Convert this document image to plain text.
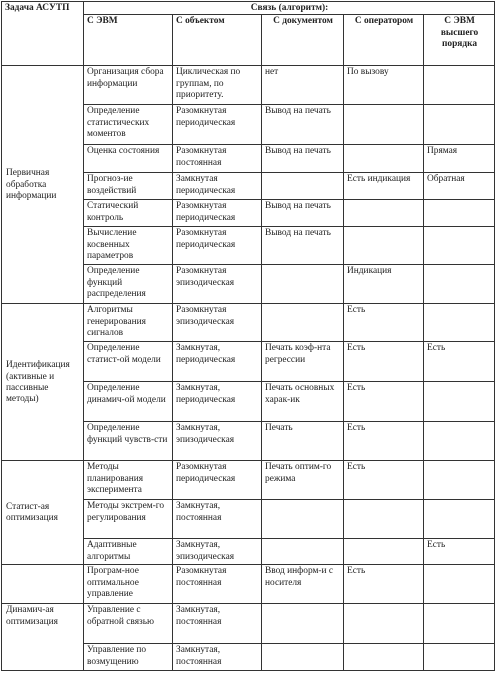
Задача АСУТП	Связь (алгоритм):				
	С ЭВМ	С объектом	С документом	С оператором	С ЭВМ высшего порядка
Первичная обработка информации	Организация сбора информации	Циклическая по группам, по приоритету.	нет	По вызову	
	Определение статистических моментов	Разомкнутая периодическая	Вывод на печать		
	Оценка состояния	Разомкнутая постоянная	Вывод на печать		Прямая
	Прогноз-ие воздействий	Замкнутая периодическая		Есть индикация	Обратная
	Статический контроль	Разомкнутая периодическая	Вывод на печать		
	Вычисление косвенных параметров	Разомкнутая периодическая	Вывод на печать		
	Определение функций распределения	Разомкнутая эпизодическая		Индикация	
Идентификация (активные и пассивные методы)	Алгоритмы генерирования сигналов	Разомкнутая эпизодическая		Есть	
	Определение статист-ой модели	Замкнутая, периодическая	Печать коэф-нта регрессии	Есть	Есть
	Определение динамич-ой модели	Замкнутая, периодическая	Печать основных харак-ик	Есть	
	Определение функций чувств-сти	Замкнутая, эпизодическая	Печать	Есть	
Статист-ая оптимизация	Методы планирования эксперимента	Разомкнутая периодическая	Печать оптим-го режима	Есть	
	Методы экстрем-го регулирования	Замкнутая, постоянная			
	Адаптивные алгоритмы	Замкнутая, эпизодическая			Есть
	Програм-ное оптимальное управление	Разомкнутая постоянная	Ввод информ-и с носителя	Есть	
Динамич-ая оптимизация	Управление с обратной связью	Замкнутая, постоянная			
	Управление по возмущению	Замкнутая, постоянная			
